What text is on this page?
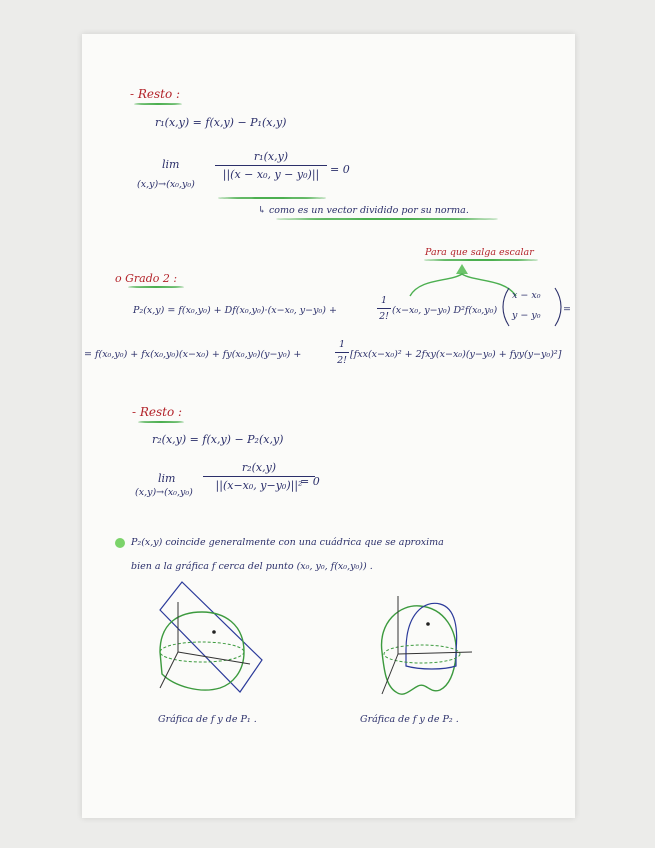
- Resto :
r₁(x,y) = f(x,y) − P₁(x,y)
lim
(x,y)→(x₀,y₀)
r₁(x,y)
||(x − x₀, y − y₀)|| = 0
↳ como es un vector dividido por su norma.
Para que salga escalar
o Grado 2 :
P₂(x,y) = f(x₀,y₀) + Df(x₀,y₀)·(x−x₀, y−y₀) +
1
2!
(x−x₀, y−y₀) D²f(x₀,y₀)
x − x₀
y − y₀
=
= f(x₀,y₀) + fx(x₀,y₀)(x−x₀) + fy(x₀,y₀)(y−y₀) +
1
2!
[fxx(x−x₀)² + 2fxy(x−x₀)(y−y₀) + fyy(y−y₀)²]
- Resto :
r₂(x,y) = f(x,y) − P₂(x,y)
lim
(x,y)→(x₀,y₀)
r₂(x,y)
||(x−x₀, y−y₀)||²
= 0
P₂(x,y) coincide generalmente con una cuádrica que se aproxima
bien a la gráfica f cerca del punto (x₀, y₀, f(x₀,y₀)) .
Gráfica de f y de P₁ .	Gráfica de f y de P₂ .
